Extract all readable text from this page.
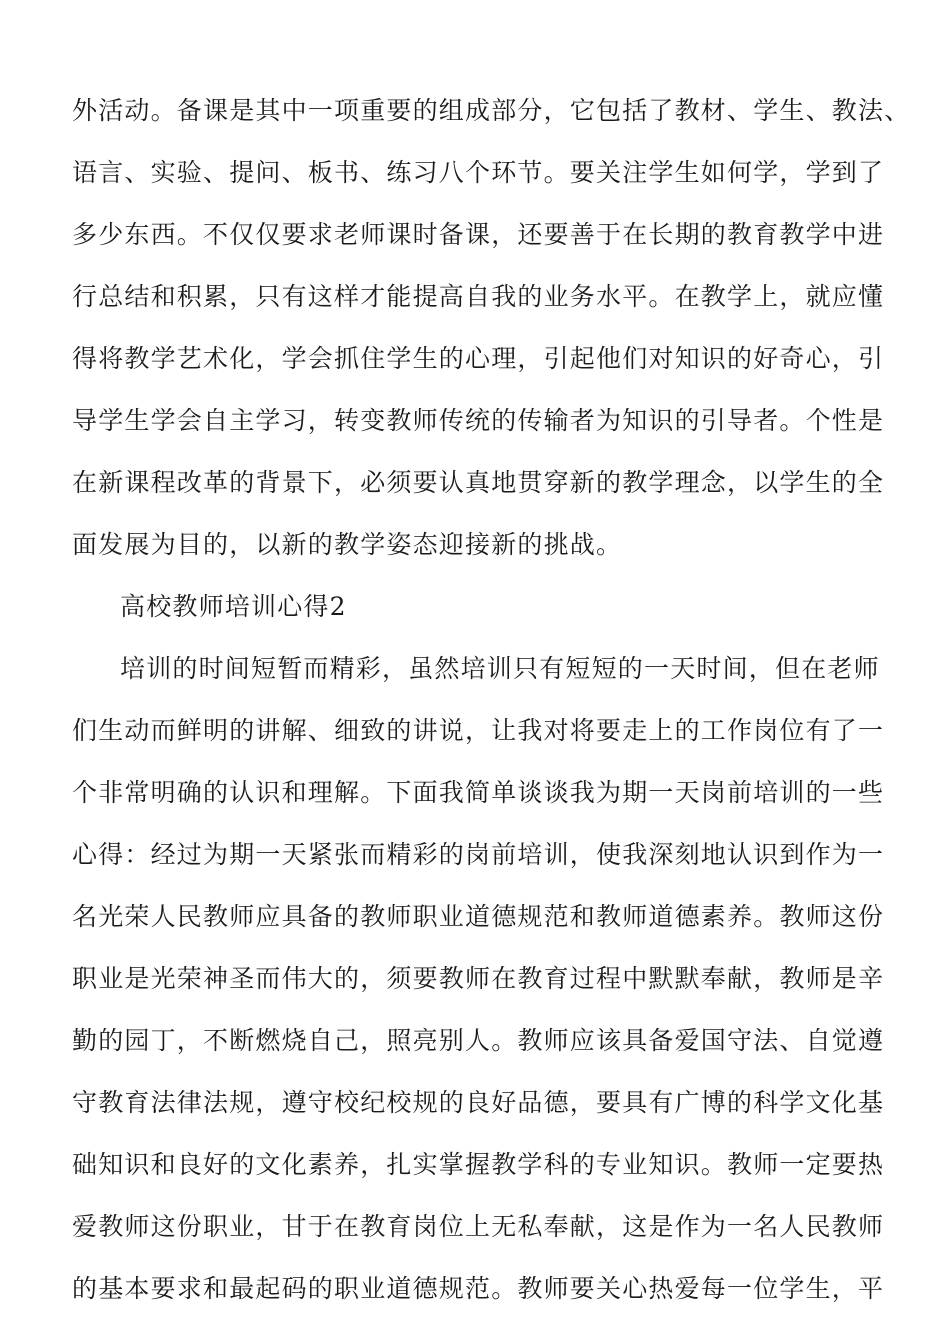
外活动。备课是其中一项重要的组成部分，它包括了教材、学生、教法、
语言、实验、提问、板书、练习八个环节。要关注学生如何学，学到了
多少东西。不仅仅要求老师课时备课，还要善于在长期的教育教学中进
行总结和积累，只有这样才能提高自我的业务水平。在教学上，就应懂
得将教学艺术化，学会抓住学生的心理，引起他们对知识的好奇心，引
导学生学会自主学习，转变教师传统的传输者为知识的引导者。个性是
在新课程改革的背景下，必须要认真地贯穿新的教学理念，以学生的全
面发展为目的，以新的教学姿态迎接新的挑战。
高校教师培训心得2
培训的时间短暂而精彩，虽然培训只有短短的一天时间，但在老师
们生动而鲜明的讲解、细致的讲说，让我对将要走上的工作岗位有了一
个非常明确的认识和理解。下面我简单谈谈我为期一天岗前培训的一些
心得：经过为期一天紧张而精彩的岗前培训，使我深刻地认识到作为一
名光荣人民教师应具备的教师职业道德规范和教师道德素养。教师这份
职业是光荣神圣而伟大的，须要教师在教育过程中默默奉献，教师是辛
勤的园丁，不断燃烧自己，照亮别人。教师应该具备爱国守法、自觉遵
守教育法律法规，遵守校纪校规的良好品德，要具有广博的科学文化基
础知识和良好的文化素养，扎实掌握教学科的专业知识。教师一定要热
爱教师这份职业，甘于在教育岗位上无私奉献，这是作为一名人民教师
的基本要求和最起码的职业道德规范。教师要关心热爱每一位学生，平
